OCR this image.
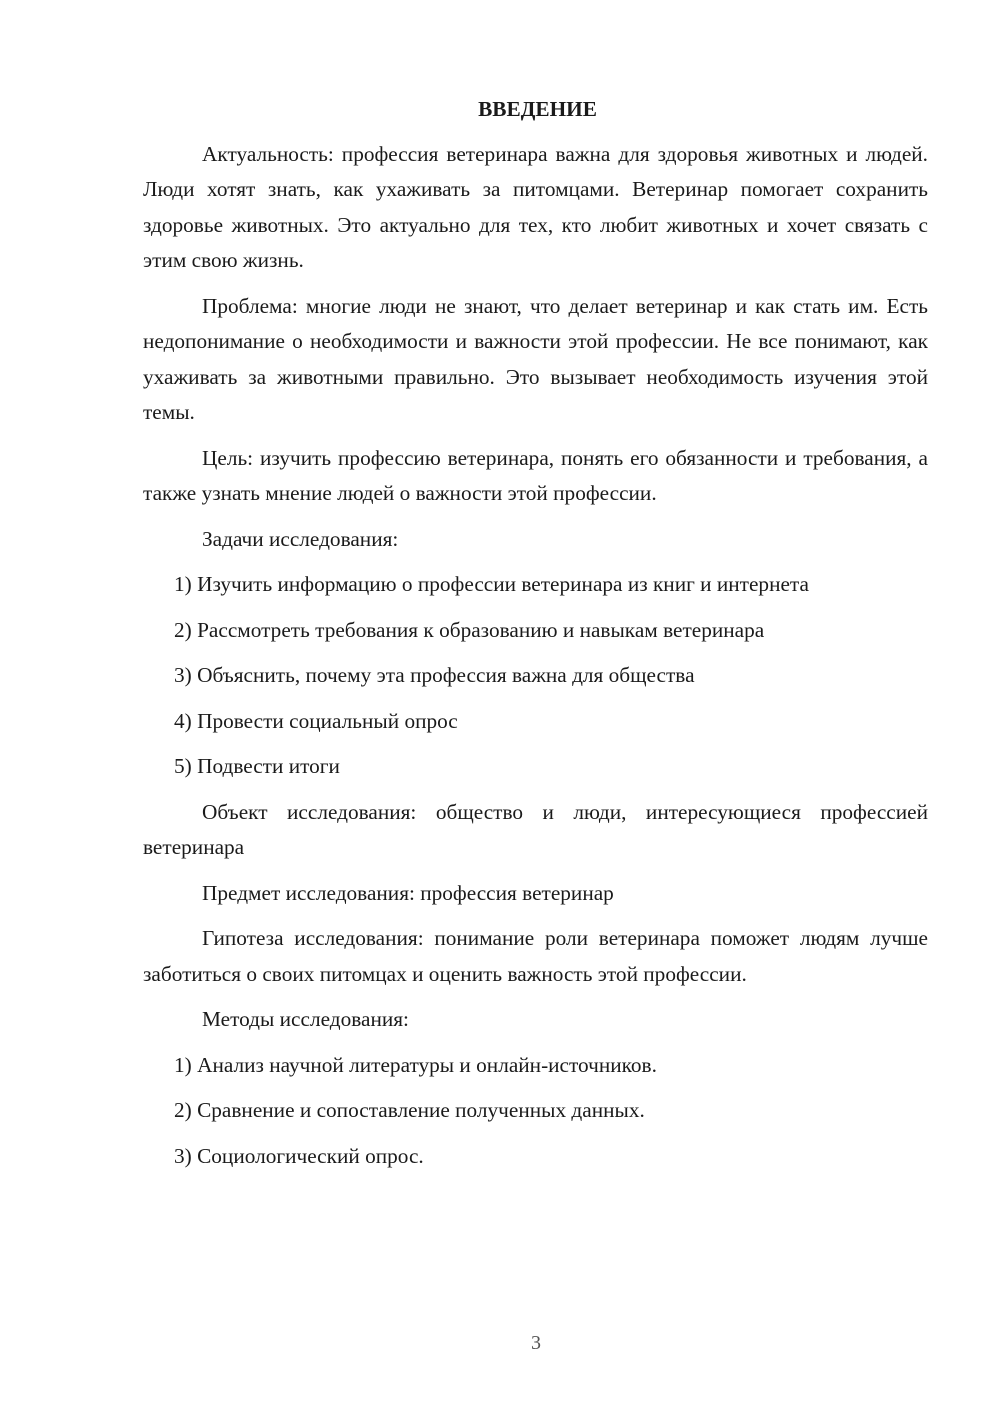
ВВЕДЕНИЕ
Актуальность: профессия ветеринара важна для здоровья животных и людей. Люди хотят знать, как ухаживать за питомцами. Ветеринар помогает сохранить здоровье животных. Это актуально для тех, кто любит животных и хочет связать с этим свою жизнь.
Проблема: многие люди не знают, что делает ветеринар и как стать им. Есть недопонимание о необходимости и важности этой профессии. Не все понимают, как ухаживать за животными правильно. Это вызывает необходимость изучения этой темы.
Цель: изучить профессию ветеринара, понять его обязанности и требования, а также узнать мнение людей о важности этой профессии.
Задачи исследования:
1) Изучить информацию о профессии ветеринара из книг и интернета
2) Рассмотреть требования к образованию и навыкам ветеринара
3) Объяснить, почему эта профессия важна для общества
4) Провести социальный опрос
5) Подвести итоги
Объект исследования: общество и люди, интересующиеся профессией ветеринара
Предмет исследования: профессия ветеринар
Гипотеза исследования: понимание роли ветеринара поможет людям лучше заботиться о своих питомцах и оценить важность этой профессии.
Методы исследования:
1) Анализ научной литературы и онлайн-источников.
2) Сравнение и сопоставление полученных данных.
3) Социологический опрос.
3
